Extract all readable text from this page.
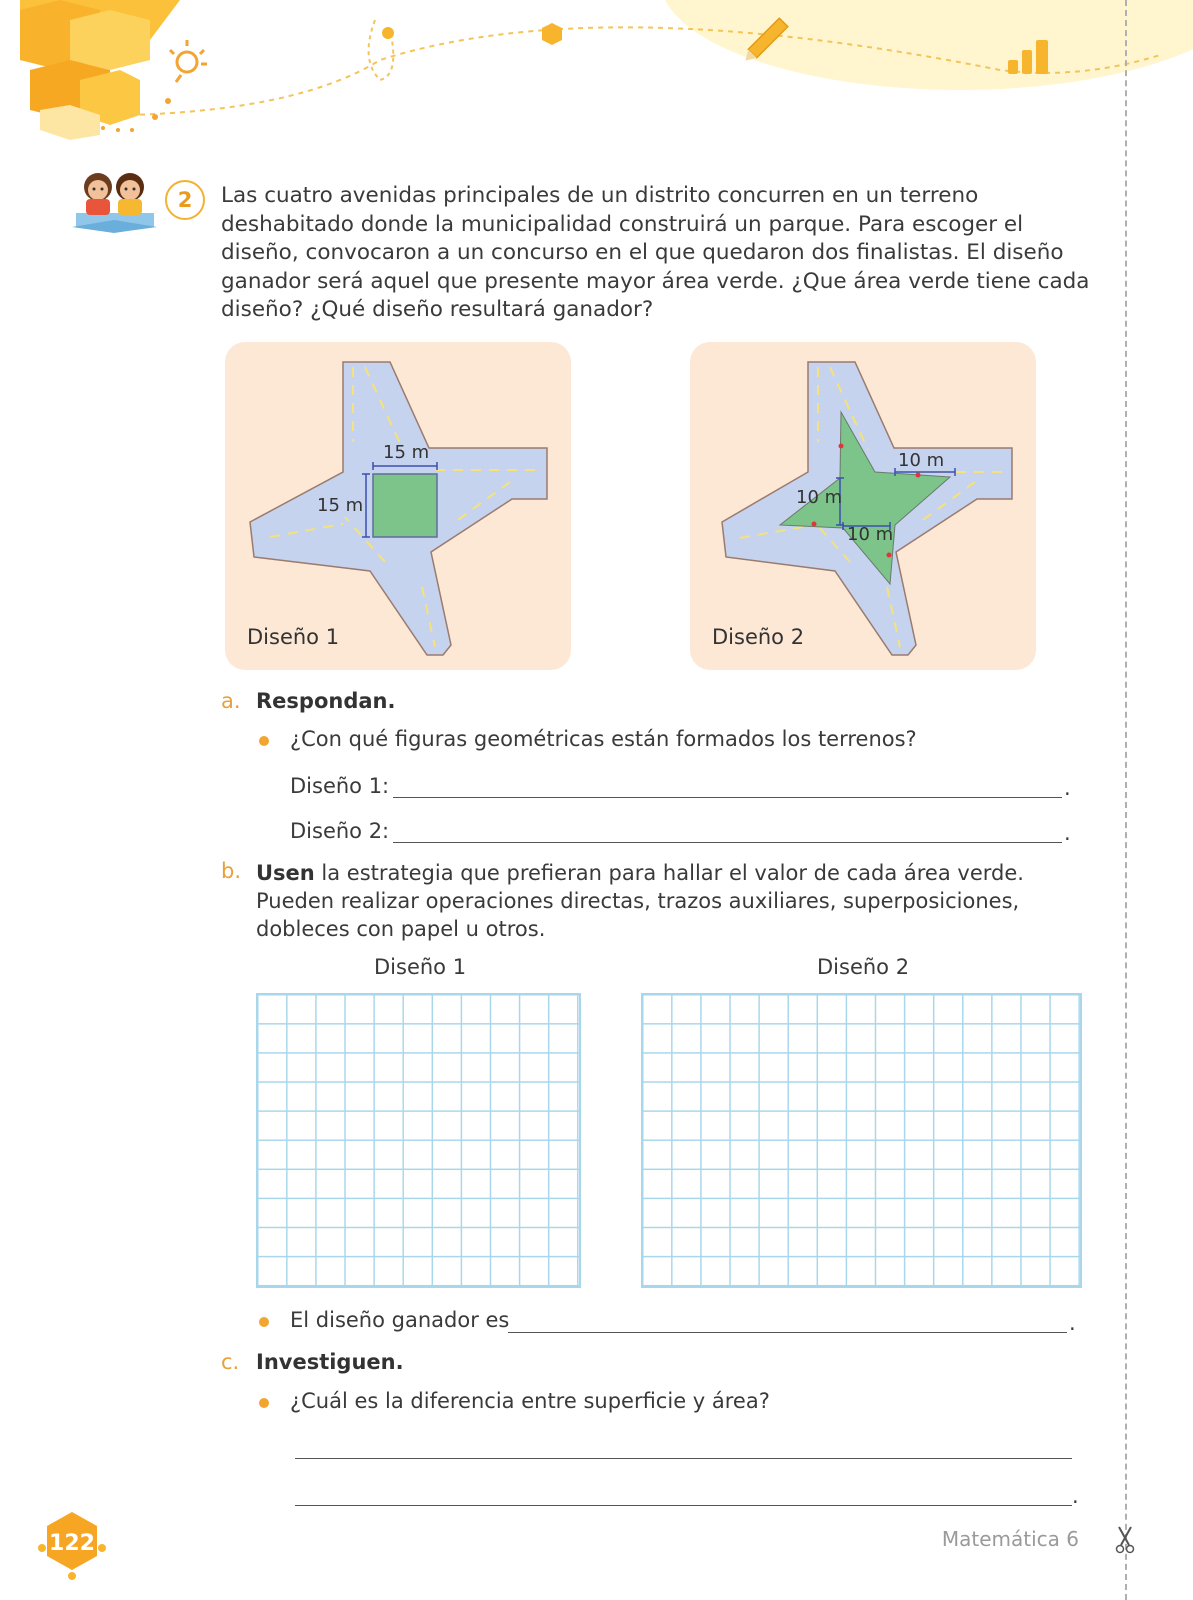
2	Las cuatro avenidas principales de un distrito concurren en un terreno deshabitado donde la municipalidad construirá un parque. Para escoger el diseño, convocaron a un concurso en el que quedaron dos finalistas. El diseño ganador será aquel que presente mayor área verde. ¿Que área verde tiene cada diseño? ¿Qué diseño resultará ganador?
15 m
15 m
Diseño 1
10 m
10 m
10 m
Diseño 2
a. Respondan.
¿Con qué figuras geométricas están formados los terrenos?
Diseño 1:	.
Diseño 2:	.
b. Usen la estrategia que prefieran para hallar el valor de cada área verde. Pueden realizar operaciones directas, trazos auxiliares, superposiciones, dobleces con papel u otros.
Diseño 1	Diseño 2
El diseño ganador es	.
c. Investiguen.
¿Cuál es la diferencia entre superficie y área?
.
122	Matemática 6
